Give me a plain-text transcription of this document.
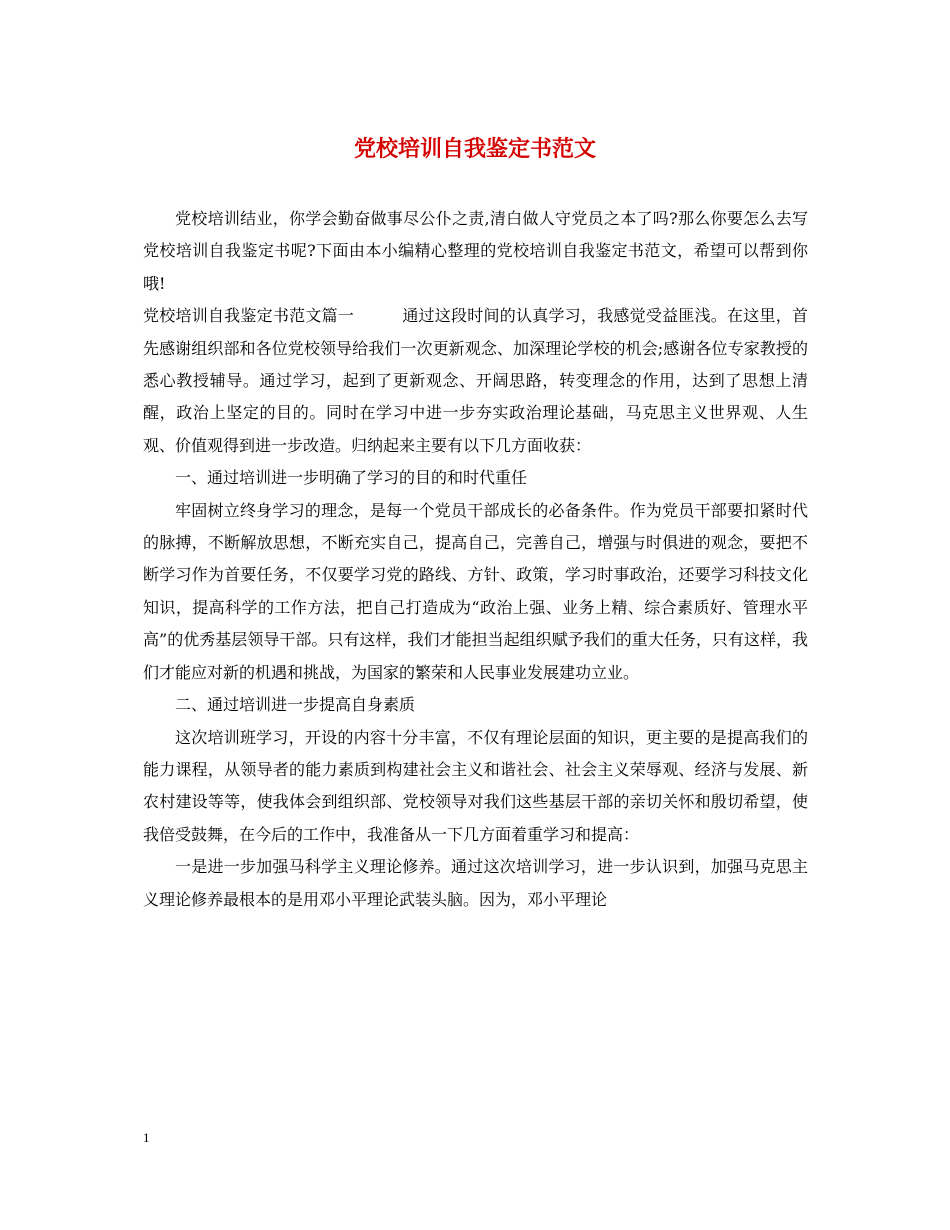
党校培训自我鉴定书范文

党校培训结业，你学会勤奋做事尽公仆之责,清白做人守党员之本了吗?那么你要怎么去写党校培训自我鉴定书呢?下面由本小编精心整理的党校培训自我鉴定书范文，希望可以帮到你哦!

党校培训自我鉴定书范文篇一	通过这段时间的认真学习，我感觉受益匪浅。在这里，首先感谢组织部和各位党校领导给我们一次更新观念、加深理论学校的机会;感谢各位专家教授的悉心教授辅导。通过学习，起到了更新观念、开阔思路，转变理念的作用，达到了思想上清醒，政治上坚定的目的。同时在学习中进一步夯实政治理论基础，马克思主义世界观、人生观、价值观得到进一步改造。归纳起来主要有以下几方面收获：

一、通过培训进一步明确了学习的目的和时代重任

牢固树立终身学习的理念，是每一个党员干部成长的必备条件。作为党员干部要扣紧时代的脉搏，不断解放思想，不断充实自己，提高自己，完善自己，增强与时俱进的观念，要把不断学习作为首要任务，不仅要学习党的路线、方针、政策，学习时事政治，还要学习科技文化知识，提高科学的工作方法，把自己打造成为“政治上强、业务上精、综合素质好、管理水平高”的优秀基层领导干部。只有这样，我们才能担当起组织赋予我们的重大任务，只有这样，我们才能应对新的机遇和挑战，为国家的繁荣和人民事业发展建功立业。

二、通过培训进一步提高自身素质

这次培训班学习，开设的内容十分丰富，不仅有理论层面的知识，更主要的是提高我们的能力课程，从领导者的能力素质到构建社会主义和谐社会、社会主义荣辱观、经济与发展、新农村建设等等，使我体会到组织部、党校领导对我们这些基层干部的亲切关怀和殷切希望，使我倍受鼓舞，在今后的工作中，我准备从一下几方面着重学习和提高：

一是进一步加强马科学主义理论修养。通过这次培训学习，进一步认识到，加强马克思主义理论修养最根本的是用邓小平理论武装头脑。因为，邓小平理论

1
